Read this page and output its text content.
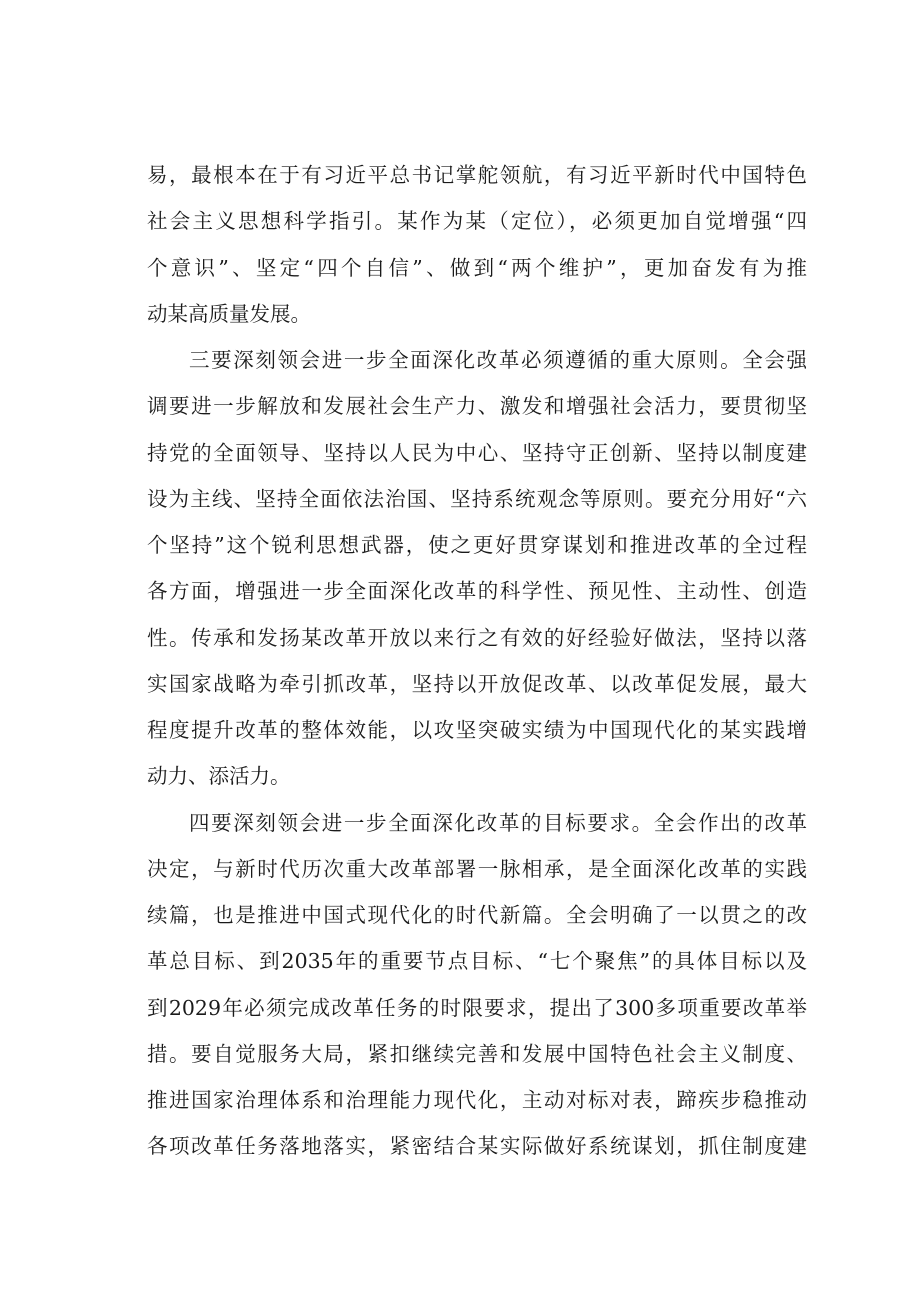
易，最根本在于有习近平总书记掌舵领航，有习近平新时代中国特色
社会主义思想科学指引。某作为某（定位），必须更加自觉增强“四
个意识”、坚定“四个自信”、做到“两个维护”，更加奋发有为推
动某高质量发展。
三要深刻领会进一步全面深化改革必须遵循的重大原则。全会强
调要进一步解放和发展社会生产力、激发和增强社会活力，要贯彻坚
持党的全面领导、坚持以人民为中心、坚持守正创新、坚持以制度建
设为主线、坚持全面依法治国、坚持系统观念等原则。要充分用好“六
个坚持”这个锐利思想武器，使之更好贯穿谋划和推进改革的全过程
各方面，增强进一步全面深化改革的科学性、预见性、主动性、创造
性。传承和发扬某改革开放以来行之有效的好经验好做法，坚持以落
实国家战略为牵引抓改革，坚持以开放促改革、以改革促发展，最大
程度提升改革的整体效能，以攻坚突破实绩为中国现代化的某实践增
动力、添活力。
四要深刻领会进一步全面深化改革的目标要求。全会作出的改革
决定，与新时代历次重大改革部署一脉相承，是全面深化改革的实践
续篇，也是推进中国式现代化的时代新篇。全会明确了一以贯之的改
革总目标、到2035年的重要节点目标、“七个聚焦”的具体目标以及
到2029年必须完成改革任务的时限要求，提出了300多项重要改革举
措。要自觉服务大局，紧扣继续完善和发展中国特色社会主义制度、
推进国家治理体系和治理能力现代化，主动对标对表，蹄疾步稳推动
各项改革任务落地落实，紧密结合某实际做好系统谋划，抓住制度建
